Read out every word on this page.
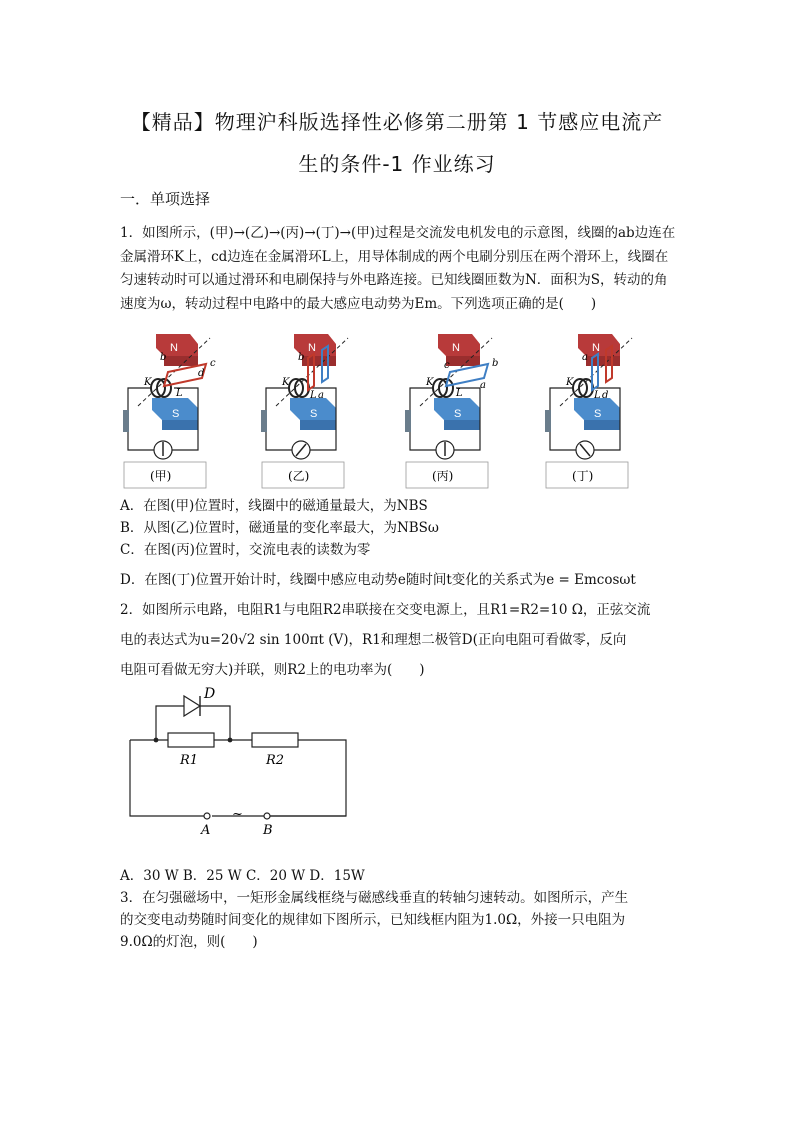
【精品】物理沪科版选择性必修第二册第 1 节感应电流产
生的条件-1 作业练习
一．单项选择
1．如图所示，(甲)→(乙)→(丙)→(丁)→(甲)过程是交流发电机发电的示意图，线圈的ab边连在金属滑环K上，cd边连在金属滑环L上，用导体制成的两个电刷分别压在两个滑环上，线圈在匀速转动时可以通过滑环和电刷保持与外电路连接。已知线圈匝数为N．面积为S，转动的角速度为ω，转动过程中电路中的最大感应电动势为Em。下列选项正确的是(　　)
N
S
K
L
b
c
d
(甲)
N
S
K
L a
b
(乙)
N
S
K
L
c	b
a
(丙)
N
S
K
L d
a
(丁)
A．在图(甲)位置时，线圈中的磁通量最大，为NBS
B．从图(乙)位置时，磁通量的变化率最大，为NBSω
C．在图(丙)位置时，交流电表的读数为零
D．在图(丁)位置开始计时，线圈中感应电动势e随时间t变化的关系式为e = Emcosωt
2．如图所示电路，电阻R1与电阻R2串联接在交变电源上，且R1=R2=10 Ω，正弦交流
电的表达式为u=20√2 sin 100πt (V)，R1和理想二极管D(正向电阻可看做零，反向
电阻可看做无穷大)并联，则R2上的电功率为(　　)
D
R1	R2
~
A	B
A．30 W B．25 W C．20 W D．15W
3．在匀强磁场中，一矩形金属线框绕与磁感线垂直的转轴匀速转动。如图所示，产生
的交变电动势随时间变化的规律如下图所示，已知线框内阻为1.0Ω，外接一只电阻为
9.0Ω的灯泡，则(　　)
